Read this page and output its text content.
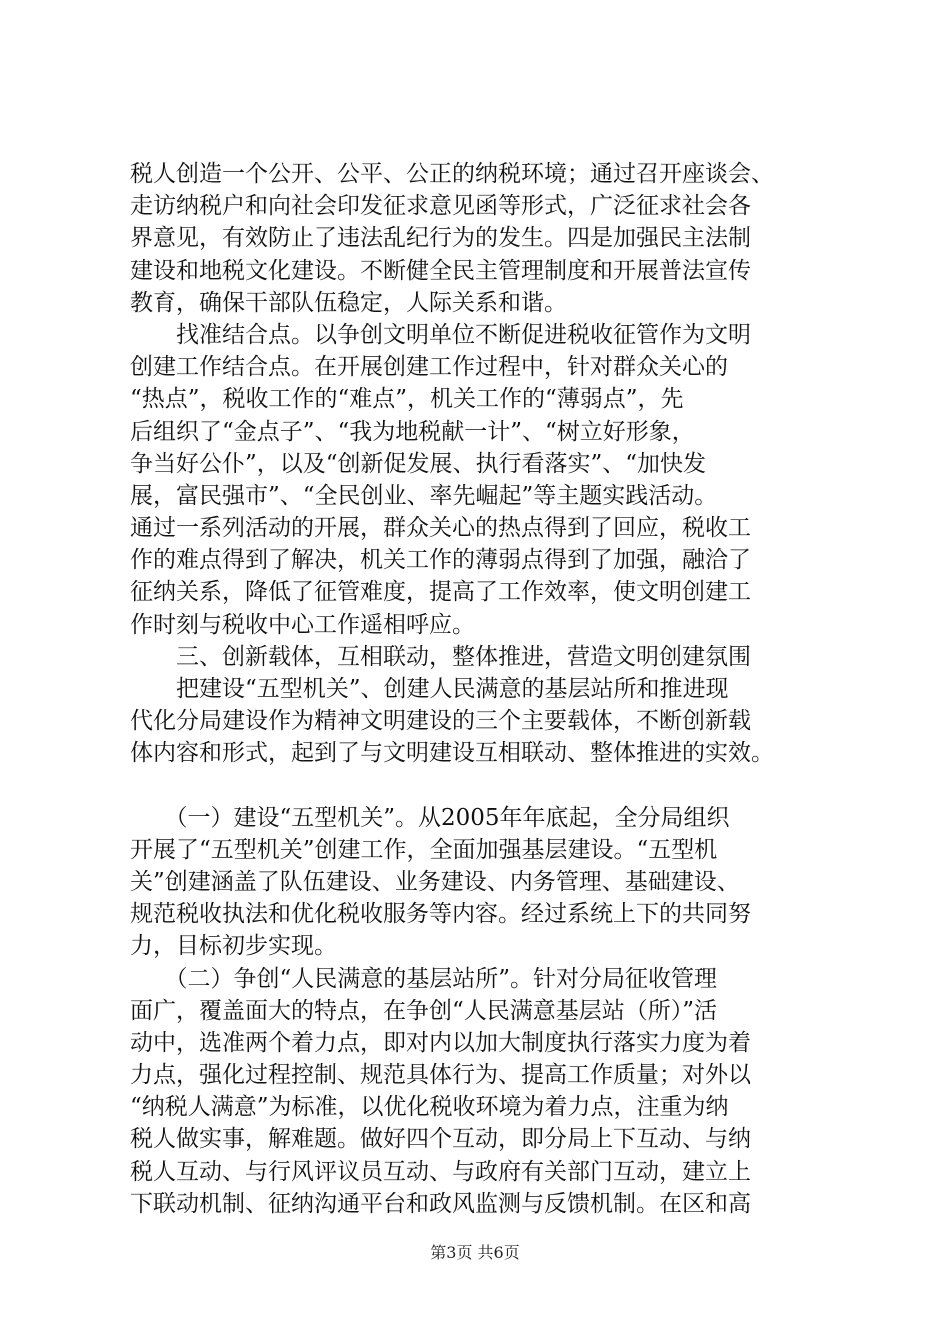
税人创造一个公开、公平、公正的纳税环境；通过召开座谈会、
走访纳税户和向社会印发征求意见函等形式，广泛征求社会各
界意见，有效防止了违法乱纪行为的发生。四是加强民主法制
建设和地税文化建设。不断健全民主管理制度和开展普法宣传
教育，确保干部队伍稳定，人际关系和谐。
　　找准结合点。以争创文明单位不断促进税收征管作为文明
创建工作结合点。在开展创建工作过程中，针对群众关心的
“热点”，税收工作的“难点”，机关工作的“薄弱点”，先
后组织了“金点子”、“我为地税献一计”、“树立好形象，
争当好公仆”，以及“创新促发展、执行看落实”、“加快发
展，富民强市”、“全民创业、率先崛起”等主题实践活动。
通过一系列活动的开展，群众关心的热点得到了回应，税收工
作的难点得到了解决，机关工作的薄弱点得到了加强，融洽了
征纳关系，降低了征管难度，提高了工作效率，使文明创建工
作时刻与税收中心工作遥相呼应。
　　三、创新载体，互相联动，整体推进，营造文明创建氛围
　　把建设“五型机关”、创建人民满意的基层站所和推进现
代化分局建设作为精神文明建设的三个主要载体，不断创新载
体内容和形式，起到了与文明建设互相联动、整体推进的实效。
　　（一）建设“五型机关”。从2005年年底起，全分局组织
开展了“五型机关”创建工作，全面加强基层建设。“五型机
关”创建涵盖了队伍建设、业务建设、内务管理、基础建设、
规范税收执法和优化税收服务等内容。经过系统上下的共同努
力，目标初步实现。
　　（二）争创“人民满意的基层站所”。针对分局征收管理
面广，覆盖面大的特点，在争创“人民满意基层站（所）”活
动中，选准两个着力点，即对内以加大制度执行落实力度为着
力点，强化过程控制、规范具体行为、提高工作质量；对外以
“纳税人满意”为标准，以优化税收环境为着力点，注重为纳
税人做实事，解难题。做好四个互动，即分局上下互动、与纳
税人互动、与行风评议员互动、与政府有关部门互动，建立上
下联动机制、征纳沟通平台和政风监测与反馈机制。在区和高
第3页 共6页
